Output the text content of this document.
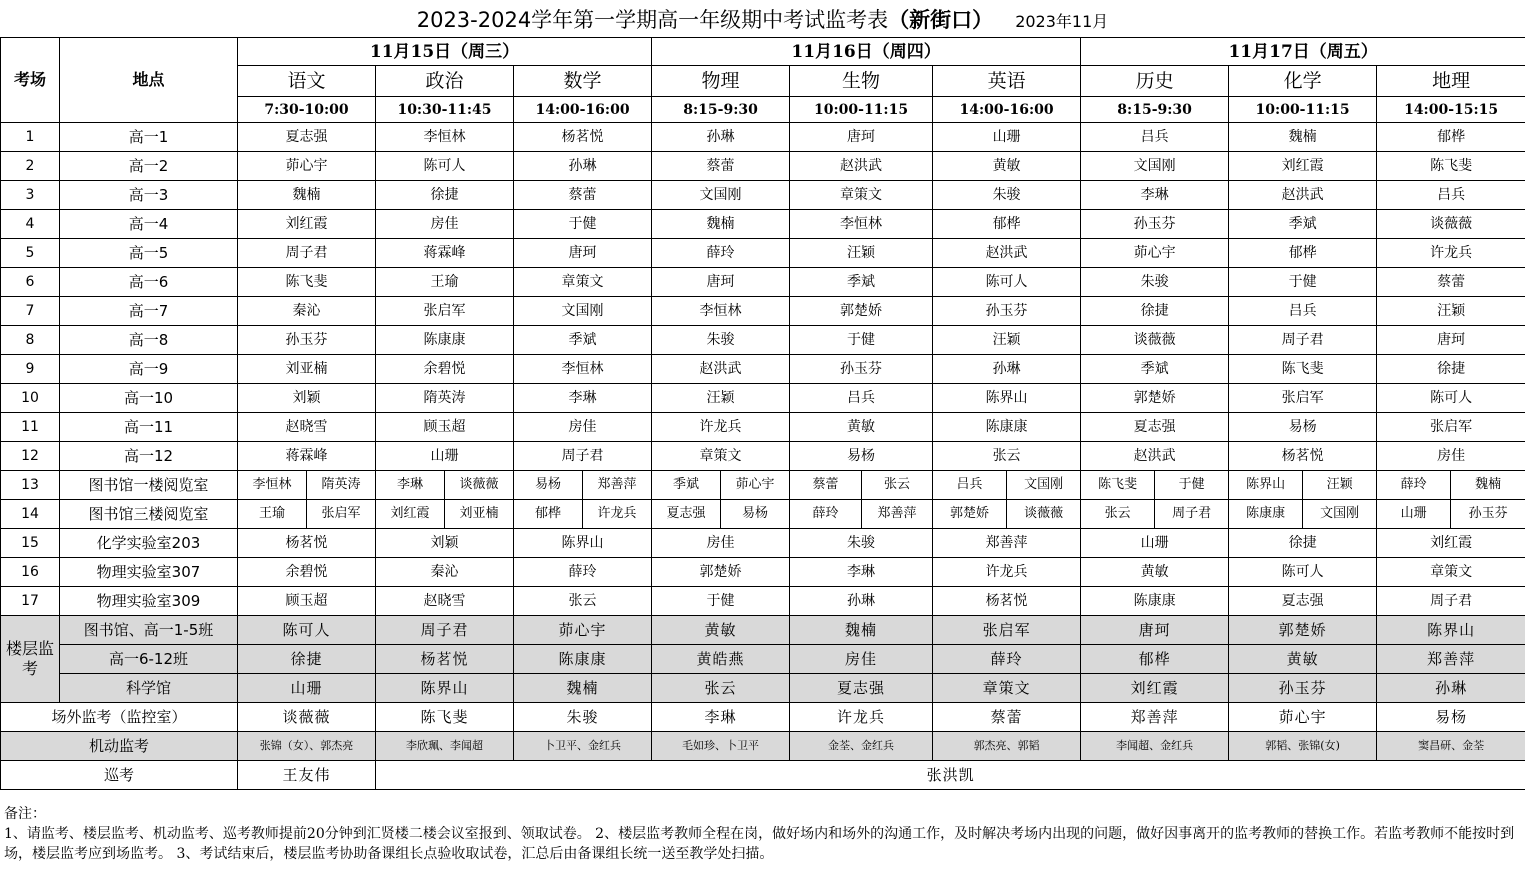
2023-2024学年第一学期高一年级期中考试监考表（新街口） 2023年11月
考场	地点	11月15日（周三）						11月16日（周四）						11月17日（周五）					
		语文		政治		数学		物理		生物		英语		历史		化学		地理	
		7:30-10:00		10:30-11:45		14:00-16:00		8:15-9:30		10:00-11:15		14:00-16:00		8:15-9:30		10:00-11:15		14:00-15:15	
1	高一1	夏志强		李恒林		杨茗悦		孙琳		唐珂		山珊		吕兵		魏楠		郁桦	
2	高一2	茆心宇		陈可人		孙琳		蔡蕾		赵洪武		黄敏		文国刚		刘红霞		陈飞斐	
3	高一3	魏楠		徐捷		蔡蕾		文国刚		章策文		朱骏		李琳		赵洪武		吕兵	
4	高一4	刘红霞		房佳		于健		魏楠		李恒林		郁桦		孙玉芬		季斌		谈薇薇	
5	高一5	周子君		蒋霖峰		唐珂		薛玲		汪颖		赵洪武		茆心宇		郁桦		许龙兵	
6	高一6	陈飞斐		王瑜		章策文		唐珂		季斌		陈可人		朱骏		于健		蔡蕾	
7	高一7	秦沁		张启军		文国刚		李恒林		郭楚娇		孙玉芬		徐捷		吕兵		汪颖	
8	高一8	孙玉芬		陈康康		季斌		朱骏		于健		汪颖		谈薇薇		周子君		唐珂	
9	高一9	刘亚楠		余碧悦		李恒林		赵洪武		孙玉芬		孙琳		季斌		陈飞斐		徐捷	
10	高一10	刘颖		隋英涛		李琳		汪颖		吕兵		陈界山		郭楚娇		张启军		陈可人	
11	高一11	赵晓雪		顾玉超		房佳		许龙兵		黄敏		陈康康		夏志强		易杨		张启军	
12	高一12	蒋霖峰		山珊		周子君		章策文		易杨		张云		赵洪武		杨茗悦		房佳	
13	图书馆一楼阅览室	李恒林	隋英涛	李琳	谈薇薇	易杨	郑善萍	季斌	茆心宇	蔡蕾	张云	吕兵	文国刚	陈飞斐	于健	陈界山	汪颖	薛玲	魏楠
14	图书馆三楼阅览室	王瑜	张启军	刘红霞	刘亚楠	郁桦	许龙兵	夏志强	易杨	薛玲	郑善萍	郭楚娇	谈薇薇	张云	周子君	陈康康	文国刚	山珊	孙玉芬
15	化学实验室203	杨茗悦		刘颖		陈界山		房佳		朱骏		郑善萍		山珊		徐捷		刘红霞	
16	物理实验室307	余碧悦		秦沁		薛玲		郭楚娇		李琳		许龙兵		黄敏		陈可人		章策文	
17	物理实验室309	顾玉超		赵晓雪		张云		于健		孙琳		杨茗悦		陈康康		夏志强		周子君	
楼层监考	图书馆、高一1-5班	陈可人		周子君		茆心宇		黄敏		魏楠		张启军		唐珂		郭楚娇		陈界山	
	高一6-12班	徐捷		杨茗悦		陈康康		黄皓燕		房佳		薛玲		郁桦		黄敏		郑善萍	
	科学馆	山珊		陈界山		魏楠		张云		夏志强		章策文		刘红霞		孙玉芬		孙琳	
场外监考（监控室）		谈薇薇		陈飞斐		朱骏		李琳		许龙兵		蔡蕾		郑善萍		茆心宇		易杨	
机动监考		张锦（女）、郭杰亮		李欣珮、李闻超		卜卫平、金红兵		毛如珍、卜卫平		金荃、金红兵		郭杰亮、郭韬		李闻超、金红兵		郭韬、张锦(女)		窦昌研、金荃	
巡考		王友伟		张洪凯															
备注：
1、请监考、楼层监考、机动监考、巡考教师提前20分钟到汇贤楼二楼会议室报到、领取试卷。 2、楼层监考教师全程在岗，做好场内和场外的沟通工作，及时解决考场内出现的问题，做好因事离开的监考教师的替换工作。若监考教师不能按时到场，楼层监考应到场监考。 3、考试结束后，楼层监考协助备课组长点验收取试卷，汇总后由备课组长统一送至教学处扫描。
